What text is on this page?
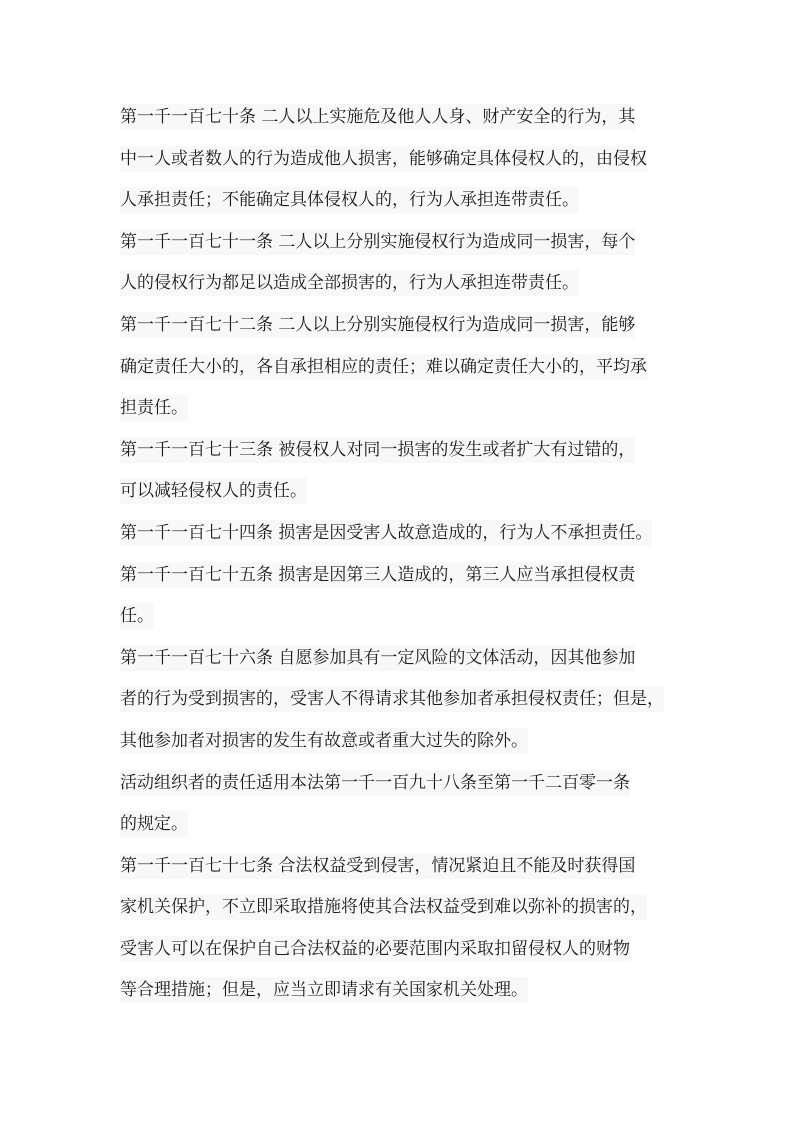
第一千一百七十条 二人以上实施危及他人人身、财产安全的行为，其
中一人或者数人的行为造成他人损害，能够确定具体侵权人的，由侵权
人承担责任；不能确定具体侵权人的，行为人承担连带责任。
第一千一百七十一条 二人以上分别实施侵权行为造成同一损害，每个
人的侵权行为都足以造成全部损害的，行为人承担连带责任。
第一千一百七十二条 二人以上分别实施侵权行为造成同一损害，能够
确定责任大小的，各自承担相应的责任；难以确定责任大小的，平均承
担责任。
第一千一百七十三条 被侵权人对同一损害的发生或者扩大有过错的，
可以减轻侵权人的责任。
第一千一百七十四条 损害是因受害人故意造成的，行为人不承担责任。
第一千一百七十五条 损害是因第三人造成的，第三人应当承担侵权责
任。
第一千一百七十六条 自愿参加具有一定风险的文体活动，因其他参加
者的行为受到损害的，受害人不得请求其他参加者承担侵权责任；但是，
其他参加者对损害的发生有故意或者重大过失的除外。
活动组织者的责任适用本法第一千一百九十八条至第一千二百零一条
的规定。
第一千一百七十七条 合法权益受到侵害，情况紧迫且不能及时获得国
家机关保护，不立即采取措施将使其合法权益受到难以弥补的损害的，
受害人可以在保护自己合法权益的必要范围内采取扣留侵权人的财物
等合理措施；但是，应当立即请求有关国家机关处理。
